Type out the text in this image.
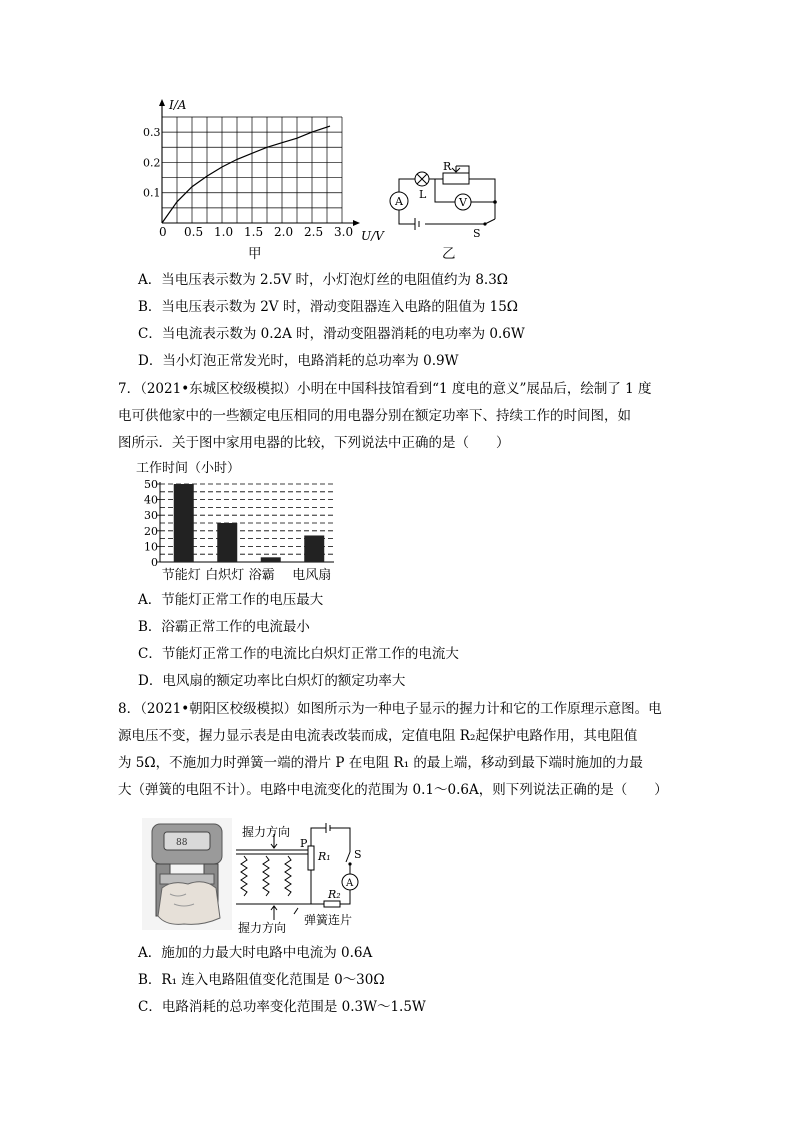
0.5 1.0 1.5 2.0 2.5 3.0
0.1
0.2
0.3
I/A
U/V
0
甲
A	V
L
R
S
乙
A．当电压表示数为 2.5V 时，小灯泡灯丝的电阻值约为 8.3Ω
B．当电压表示数为 2V 时，滑动变阻器连入电路的阻值为 15Ω
C．当电流表示数为 0.2A 时，滑动变阻器消耗的电功率为 0.6W
D．当小灯泡正常发光时，电路消耗的总功率为 0.9W
7．（2021•东城区校级模拟）小明在中国科技馆看到“1 度电的意义”展品后，绘制了 1 度
电可供他家中的一些额定电压相同的用电器分别在额定功率下、持续工作的时间图，如
图所示．关于图中家用电器的比较，下列说法中正确的是（　　）
工作时间（小时）
50
40
30
20
10
0
节能灯 白炽灯 浴霸 电风扇
A．节能灯正常工作的电压最大
B．浴霸正常工作的电流最小
C．节能灯正常工作的电流比白炽灯正常工作的电流大
D．电风扇的额定功率比白炽灯的额定功率大
8．（2021•朝阳区校级模拟）如图所示为一种电子显示的握力计和它的工作原理示意图。电
源电压不变，握力显示表是由电流表改装而成，定值电阻 R₂起保护电路作用，其电阻值
为 5Ω，不施加力时弹簧一端的滑片 P 在电阻 R₁ 的最上端，移动到最下端时施加的力最
大（弹簧的电阻不计）。电路中电流变化的范围为 0.1～0.6A，则下列说法正确的是（　　）
88
握力方向
握力方向
弹簧连片
P
R₁
R₂
S
A
A．施加的力最大时电路中电流为 0.6A
B．R₁ 连入电路阻值变化范围是 0～30Ω
C．电路消耗的总功率变化范围是 0.3W～1.5W
